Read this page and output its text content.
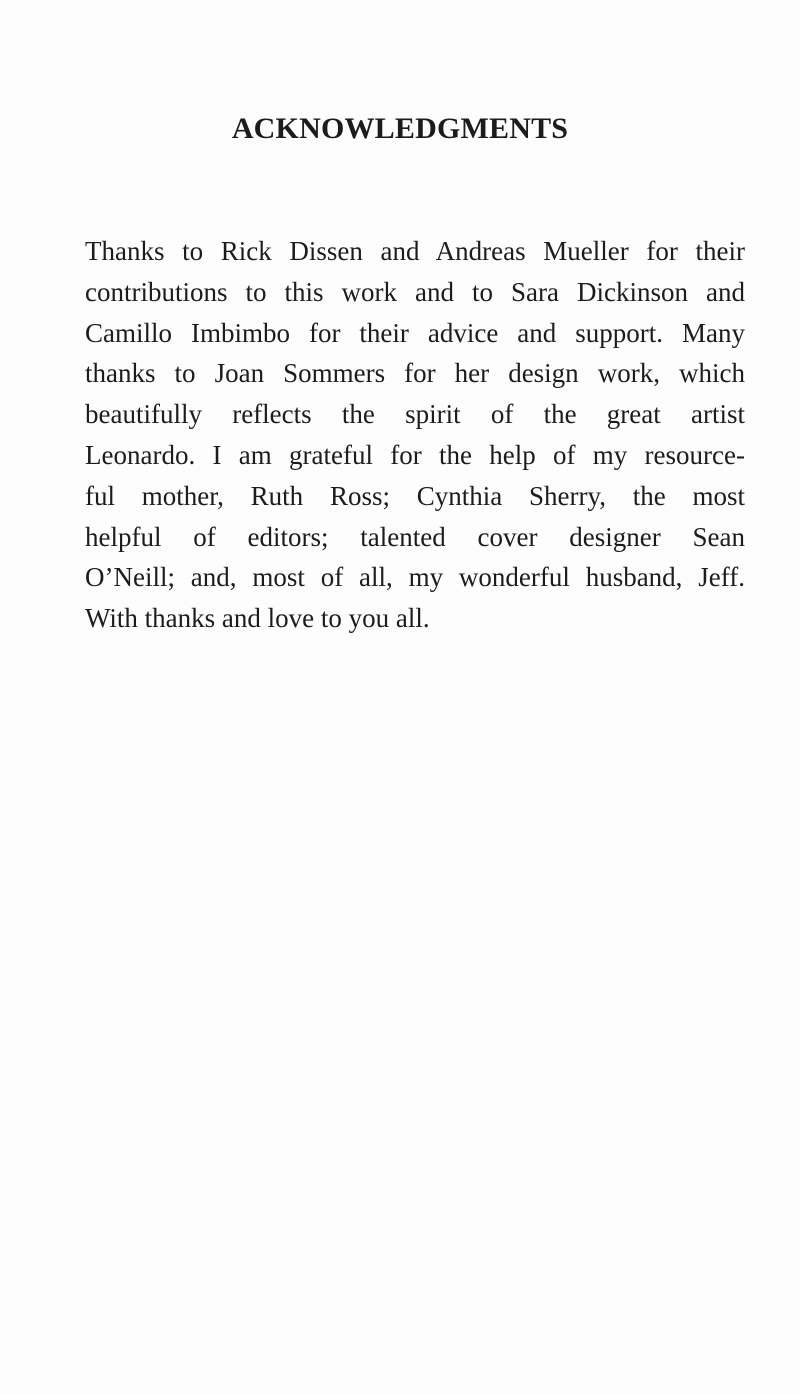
ACKNOWLEDGMENTS
Thanks to Rick Dissen and Andreas Mueller for their
contributions to this work and to Sara Dickinson and
Camillo Imbimbo for their advice and support. Many
thanks to Joan Sommers for her design work, which
beautifully reflects the spirit of the great artist
Leonardo. I am grateful for the help of my resource-
ful mother, Ruth Ross; Cynthia Sherry, the most
helpful of editors; talented cover designer Sean
O’Neill; and, most of all, my wonderful husband, Jeff.
With thanks and love to you all.
